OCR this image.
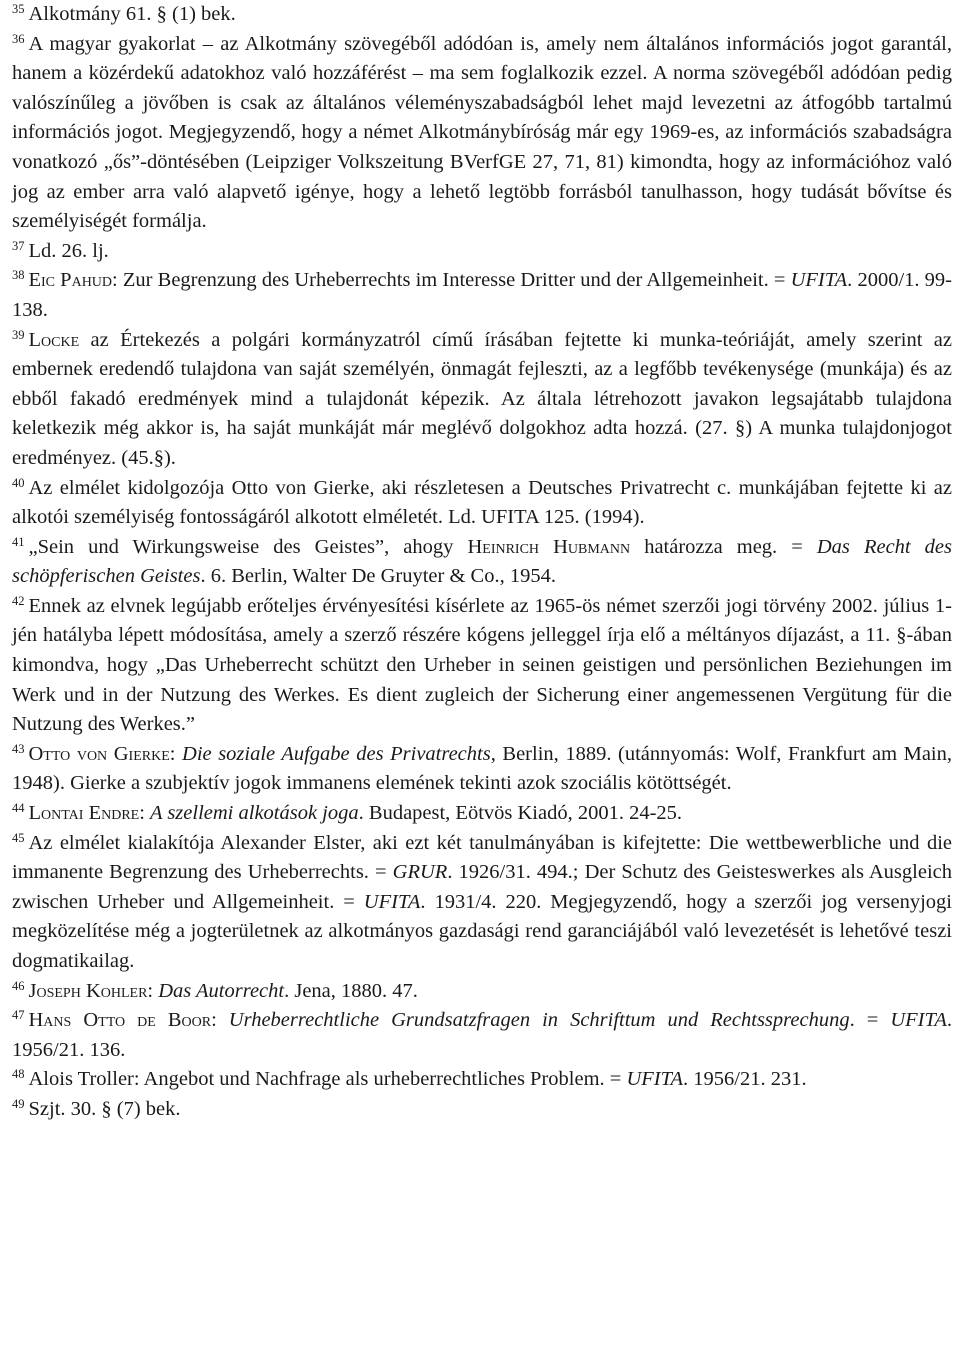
$^{35}$ Alkotmány 61. § (1) bek.

$^{36}$ A magyar gyakorlat – az Alkotmány szövegéből adódóan is, amely nem általános információs jogot garantál, hanem a közérdekű adatokhoz való hozzáférést – ma sem foglalkozik ezzel. A norma szövegéből adódóan pedig valószínűleg a jövőben is csak az általános véleményszabadságból lehet majd levezetni az átfogóbb tartalmú információs jogot. Megjegyzendő, hogy a német Alkotmánybíróság már egy 1969-es, az információs szabadságra vonatkozó „ős”-döntésében (Leipziger Volkszeitung BVerfGE 27, 71, 81) kimondta, hogy az információhoz való jog az ember arra való alapvető igénye, hogy a lehető legtöbb forrásból tanulhasson, hogy tudását bővítse és személyiségét formálja.

$^{37}$ Ld. 26. lj.

$^{38}$ Eic Pahud: Zur Begrenzung des Urheberrechts im Interesse Dritter und der Allgemeinheit. = UFITA. 2000/1. 99-138.

$^{39}$ Locke az Értekezés a polgári kormányzatról című írásában fejtette ki munka-teóriáját, amely szerint az embernek eredendő tulajdona van saját személyén, önmagát fejleszti, az a legfőbb tevékenysége (munkája) és az ebből fakadó eredmények mind a tulajdonát képezik. Az általa létrehozott javakon legsajátabb tulajdona keletkezik még akkor is, ha saját munkáját már meglévő dolgokhoz adta hozzá. (27. §) A munka tulajdonjogot eredményez. (45.§).

$^{40}$ Az elmélet kidolgozója Otto von Gierke, aki részletesen a Deutsches Privatrecht c. munkájában fejtette ki az alkotói személyiség fontosságáról alkotott elméletét. Ld. UFITA 125. (1994).

$^{41}$ „Sein und Wirkungsweise des Geistes”, ahogy Heinrich Hubmann határozza meg. = Das Recht des schöpferischen Geistes. 6. Berlin, Walter De Gruyter & Co., 1954.

$^{42}$ Ennek az elvnek legújabb erőteljes érvényesítési kísérlete az 1965-ös német szerzői jogi törvény 2002. július 1-jén hatályba lépett módosítása, amely a szerző részére kógens jelleggel írja elő a méltányos díjazást, a 11. §-ában kimondva, hogy „Das Urheberrecht schützt den Urheber in seinen geistigen und persönlichen Beziehungen im Werk und in der Nutzung des Werkes. Es dient zugleich der Sicherung einer angemessenen Vergütung für die Nutzung des Werkes.”

$^{43}$ Otto von Gierke: Die soziale Aufgabe des Privatrechts, Berlin, 1889. (utánnyomás: Wolf, Frankfurt am Main, 1948). Gierke a szubjektív jogok immanens elemének tekinti azok szociális kötöttségét.

$^{44}$ Lontai Endre: A szellemi alkotások joga. Budapest, Eötvös Kiadó, 2001. 24-25.

$^{45}$ Az elmélet kialakítója Alexander Elster, aki ezt két tanulmányában is kifejtette: Die wettbewerbliche und die immanente Begrenzung des Urheberrechts. = GRUR. 1926/31. 494.; Der Schutz des Geisteswerkes als Ausgleich zwischen Urheber und Allgemeinheit. = UFITA. 1931/4. 220. Megjegyzendő, hogy a szerzői jog versenyjogi megközelítése még a jogterületnek az alkotmányos gazdasági rend garanciájából való levezetését is lehetővé teszi dogmatikailag.

$^{46}$ Joseph Kohler: Das Autorrecht. Jena, 1880. 47.

$^{47}$ Hans Otto de Boor: Urheberrechtliche Grundsatzfragen in Schrifttum und Rechtssprechung. = UFITA. 1956/21. 136.

$^{48}$ Alois Troller: Angebot und Nachfrage als urheberrechtliches Problem. = UFITA. 1956/21. 231.

$^{49}$ Szjt. 30. § (7) bek.
